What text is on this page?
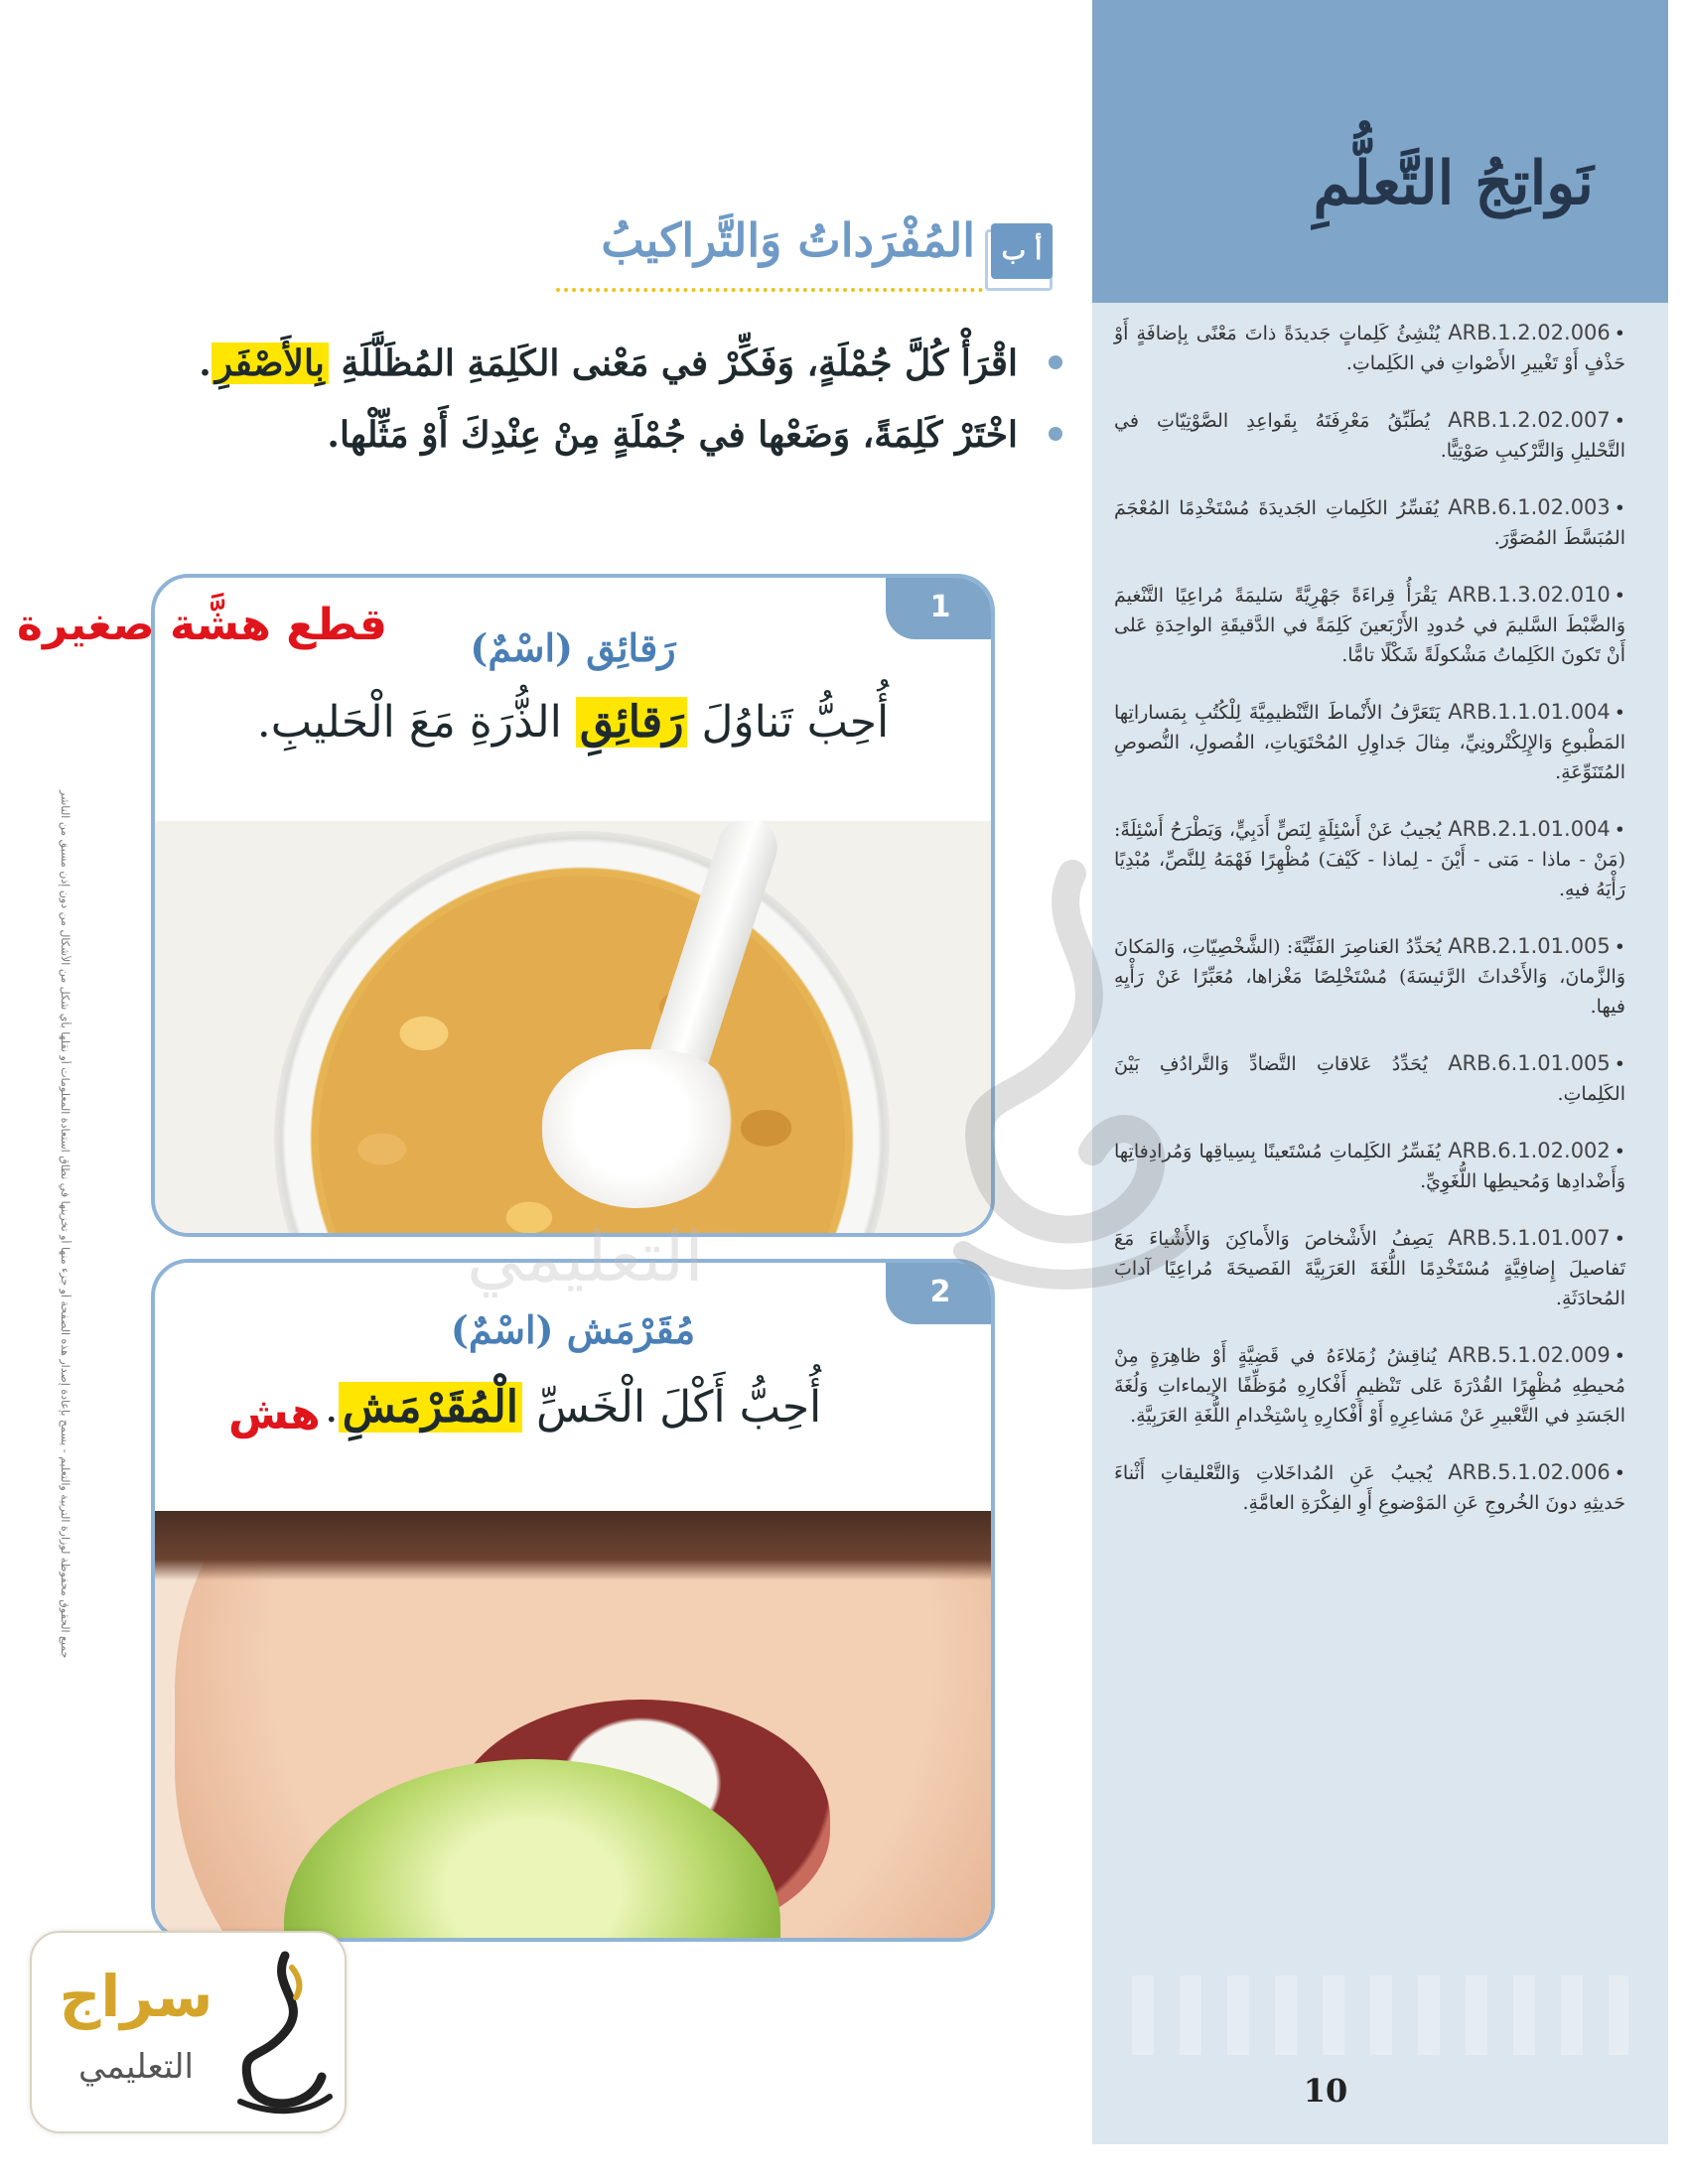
نَواتِجُ التَّعلُّمِ
• ARB.1.2.02.006 يُنْشِئُ كَلِماتٍ جَديدَةً ذاتَ مَعْنًى بِإضافَةٍ أَوْ حَذْفٍ أَوْ تَغْييرِ الأَصْواتِ في الكَلِماتِ.
• ARB.1.2.02.007 يُطَبِّقُ مَعْرِفَتَهُ بِقَواعِدِ الصَّوْتِيّاتِ في التَّحْليلِ وَالتَّرْكيبِ صَوْتِيًّا.
• ARB.6.1.02.003 يُفَسِّرُ الكَلِماتِ الجَديدَةَ مُسْتَخْدِمًا المُعْجَمَ المُبَسَّطَ المُصَوَّرَ.
• ARB.1.3.02.010 يَقْرَأُ قِراءَةً جَهْرِيَّةً سَليمَةً مُراعِيًا التَّنْغيمَ وَالضَّبْطَ السَّليمَ في حُدودِ الأَرْبَعينَ كَلِمَةً في الدَّقيقَةِ الواحِدَةِ عَلى أَنْ تَكونَ الكَلِماتُ مَشْكولَةً شَكْلًا تامًّا.
• ARB.1.1.01.004 يَتَعَرَّفُ الأَنْماطَ التَّنْظيمِيَّةَ لِلْكُتُبِ بِمَساراتِها المَطْبوعِ وَالإِلِكْتْرونِيِّ، مِثالَ جَداوِلِ المُحْتَوَياتِ، الفُصولِ، النُّصوصِ المُتَنَوِّعَةِ.
• ARB.2.1.01.004 يُجيبُ عَنْ أَسْئِلَةٍ لِنَصٍّ أَدَبِيٍّ، وَيَطْرَحُ أَسْئِلَةً: (مَنْ - ماذا - مَتى - أَيْنَ - لِماذا - كَيْفَ) مُظْهِرًا فَهْمَهُ لِلنَّصِّ، مُبْدِيًا رَأْيَهُ فيهِ.
• ARB.2.1.01.005 يُحَدِّدُ العَناصِرَ الفَنِّيَّةَ: (الشَّخْصِيّاتِ، وَالمَكانَ وَالزَّمانَ، وَالأَحْداثَ الرَّئيسَةَ) مُسْتَخْلِصًا مَغْزاها، مُعَبِّرًا عَنْ رَأْيِهِ فيها.
• ARB.6.1.01.005 يُحَدِّدُ عَلاقاتِ التَّضادِّ وَالتَّرادُفِ بَيْنَ الكَلِماتِ.
• ARB.6.1.02.002 يُفَسِّرُ الكَلِماتِ مُسْتَعينًا بِسِياقِها وَمُرادِفاتِها وَأَضْدادِها وَمُحيطِها اللُّغَوِيِّ.
• ARB.5.1.01.007 يَصِفُ الأَشْخاصَ وَالأَماكِنَ وَالأَشْياءَ مَعَ تَفاصيلَ إِضافِيَّةٍ مُسْتَخْدِمًا اللُّغَةَ العَرَبِيَّةَ الفَصيحَةَ مُراعِيًا آدابَ المُحادَثَةِ.
• ARB.5.1.02.009 يُناقِشُ زُمَلاءَهُ في قَضِيَّةٍ أَوْ ظاهِرَةٍ مِنْ مُحيطِهِ مُظْهِرًا القُدْرَةَ عَلى تَنْظيمِ أَفْكارِهِ مُوَظِّفًا الإيماءاتِ وَلُغَةَ الجَسَدِ في التَّعْبيرِ عَنْ مَشاعِرِهِ أَوْ أَفْكارِهِ بِاسْتِخْدامِ اللُّغَةِ العَرَبِيَّةِ.
• ARB.5.1.02.006 يُجيبُ عَنِ المُداخَلاتِ وَالتَّعْليقاتِ أَثْناءَ حَديثِهِ دونَ الخُروجِ عَنِ المَوْضوعِ أَوِ الفِكْرَةِ العامَّةِ.
10
أ ب
المُفْرَداتُ وَالتَّراكيبُ
اقْرَأْ كُلَّ جُمْلَةٍ، وَفَكِّرْ في مَعْنى الكَلِمَةِ المُظَلَّلَةِ بِالأَصْفَرِ.
اخْتَرْ كَلِمَةً، وَضَعْها في جُمْلَةٍ مِنْ عِنْدِكَ أَوْ مَثِّلْها.
1
رَقائِق (اسْمٌ)
أُحِبُّ تَناوُلَ رَقائِقِ الذُّرَةِ مَعَ الْحَليبِ.
2
مُقَرْمَش (اسْمٌ)
أُحِبُّ أَكْلَ الْخَسِّ الْمُقَرْمَشِ.
قطع هشَّة صغيرة
هش
جميع الحقوق محفوظة لوزارة التربية والتعليم - يسمح بإعادة إصدار هذه الصفحة أو جزء منها أو تخزينها في نطاق استعادة المعلومات أو نقلها بأي شكل من الأشكال من دون إذن مسبق من الناشر	التعليمي
سراج
التعليمي
